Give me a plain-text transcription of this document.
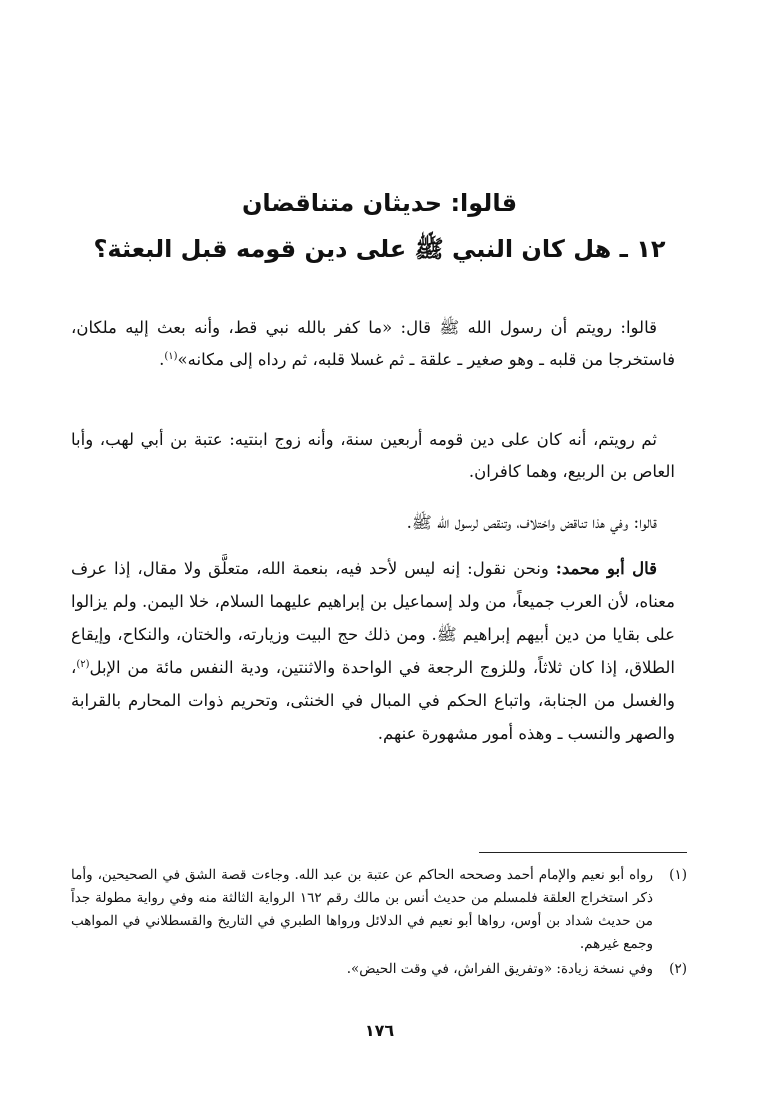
قالوا: حديثان متناقضان
١٢ ـ هل كان النبي ﷺ على دين قومه قبل البعثة؟

قالوا: رويتم أن رسول الله ﷺ قال: «ما كفر بالله نبي قط، وأنه بعث إليه ملكان، فاستخرجا من قلبه ـ وهو صغير ـ علقة ـ ثم غسلا قلبه، ثم رداه إلى مكانه»$^{(١)}$.

ثم رويتم، أنه كان على دين قومه أربعين سنة، وأنه زوج ابنتيه: عتبة بن أبي لهب، وأبا العاص بن الربيع، وهما كافران.

قالوا: وفي هذا تناقض واختلاف، وتنقص لرسول الله ﷺ.

قال أبو محمد: ونحن نقول: إنه ليس لأحد فيه، بنعمة الله، متعلَّق ولا مقال، إذا عرف معناه، لأن العرب جميعاً، من ولد إسماعيل بن إبراهيم عليهما السلام، خلا اليمن. ولم يزالوا على بقايا من دين أبيهم إبراهيم ﷺ. ومن ذلك حج البيت وزيارته، والختان، والنكاح، وإيقاع الطلاق، إذا كان ثلاثاً، وللزوج الرجعة في الواحدة والاثنتين، ودية النفس مائة من الإبل$^{(٢)}$، والغسل من الجنابة، واتباع الحكم في المبال في الخنثى، وتحريم ذوات المحارم بالقرابة والصهر والنسب ـ وهذه أمور مشهورة عنهم.

(١)
رواه أبو نعيم والإمام أحمد وصححه الحاكم عن عتبة بن عبد الله. وجاءت قصة الشق في الصحيحين، وأما ذكر استخراج العلقة فلمسلم من حديث أنس بن مالك رقم ١٦٢ الرواية الثالثة منه وفي رواية مطولة جداً من حديث شداد بن أوس، رواها أبو نعيم في الدلائل ورواها الطبري في التاريخ والقسطلاني في المواهب وجمع غيرهم.
(٢)
وفي نسخة زيادة: «وتفريق الفراش، في وقت الحيض».
١٧٦
